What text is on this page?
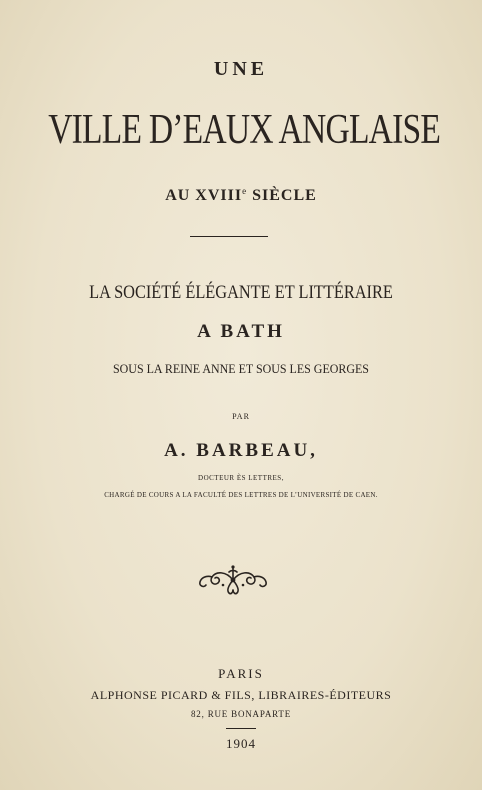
UNE
VILLE D’EAUX ANGLAISE
AU XVIIIe SIÈCLE
LA SOCIÉTÉ ÉLÉGANTE ET LITTÉRAIRE
A BATH
SOUS LA REINE ANNE ET SOUS LES GEORGES
PAR
A. BARBEAU,
DOCTEUR ÈS LETTRES,
CHARGÉ DE COURS A LA FACULTÉ DES LETTRES DE L’UNIVERSITÉ DE CAEN.
PARIS
ALPHONSE PICARD & FILS, LIBRAIRES-ÉDITEURS
82, RUE BONAPARTE
1904
